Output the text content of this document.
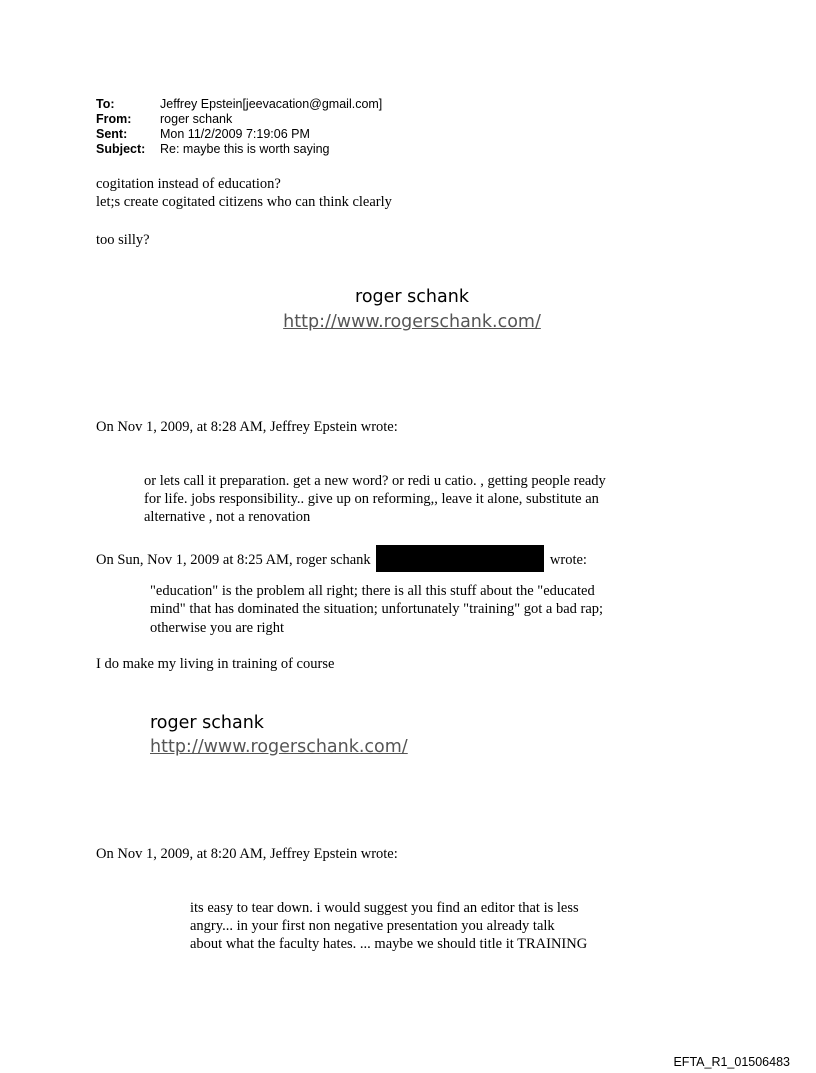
To:	Jeffrey Epstein[jeevacation@gmail.com]
From:	roger schank
Sent:	Mon 11/2/2009 7:19:06 PM
Subject:	Re: maybe this is worth saying
cogitation instead of education?
let;s create cogitated citizens who can think clearly
too silly?
roger schank
http://www.rogerschank.com/
On Nov 1, 2009, at 8:28 AM, Jeffrey Epstein wrote:
or lets call it preparation. get a new word? or redi u catio. , getting people ready
for life. jobs responsibility.. give up on reforming,, leave it alone, substitute an
alternative , not a renovation
On Sun, Nov 1, 2009 at 8:25 AM, roger schank	wrote:
"education" is the problem all right; there is all this stuff about the "educated
mind" that has dominated the situation; unfortunately "training" got a bad rap;
otherwise you are right
I do make my living in training of course
roger schank
http://www.rogerschank.com/
On Nov 1, 2009, at 8:20 AM, Jeffrey Epstein wrote:
its easy to tear down. i would suggest you find an editor that is less
angry... in your first non negative presentation you already talk
about what the faculty hates. ... maybe we should title it TRAINING
EFTA_R1_01506483
